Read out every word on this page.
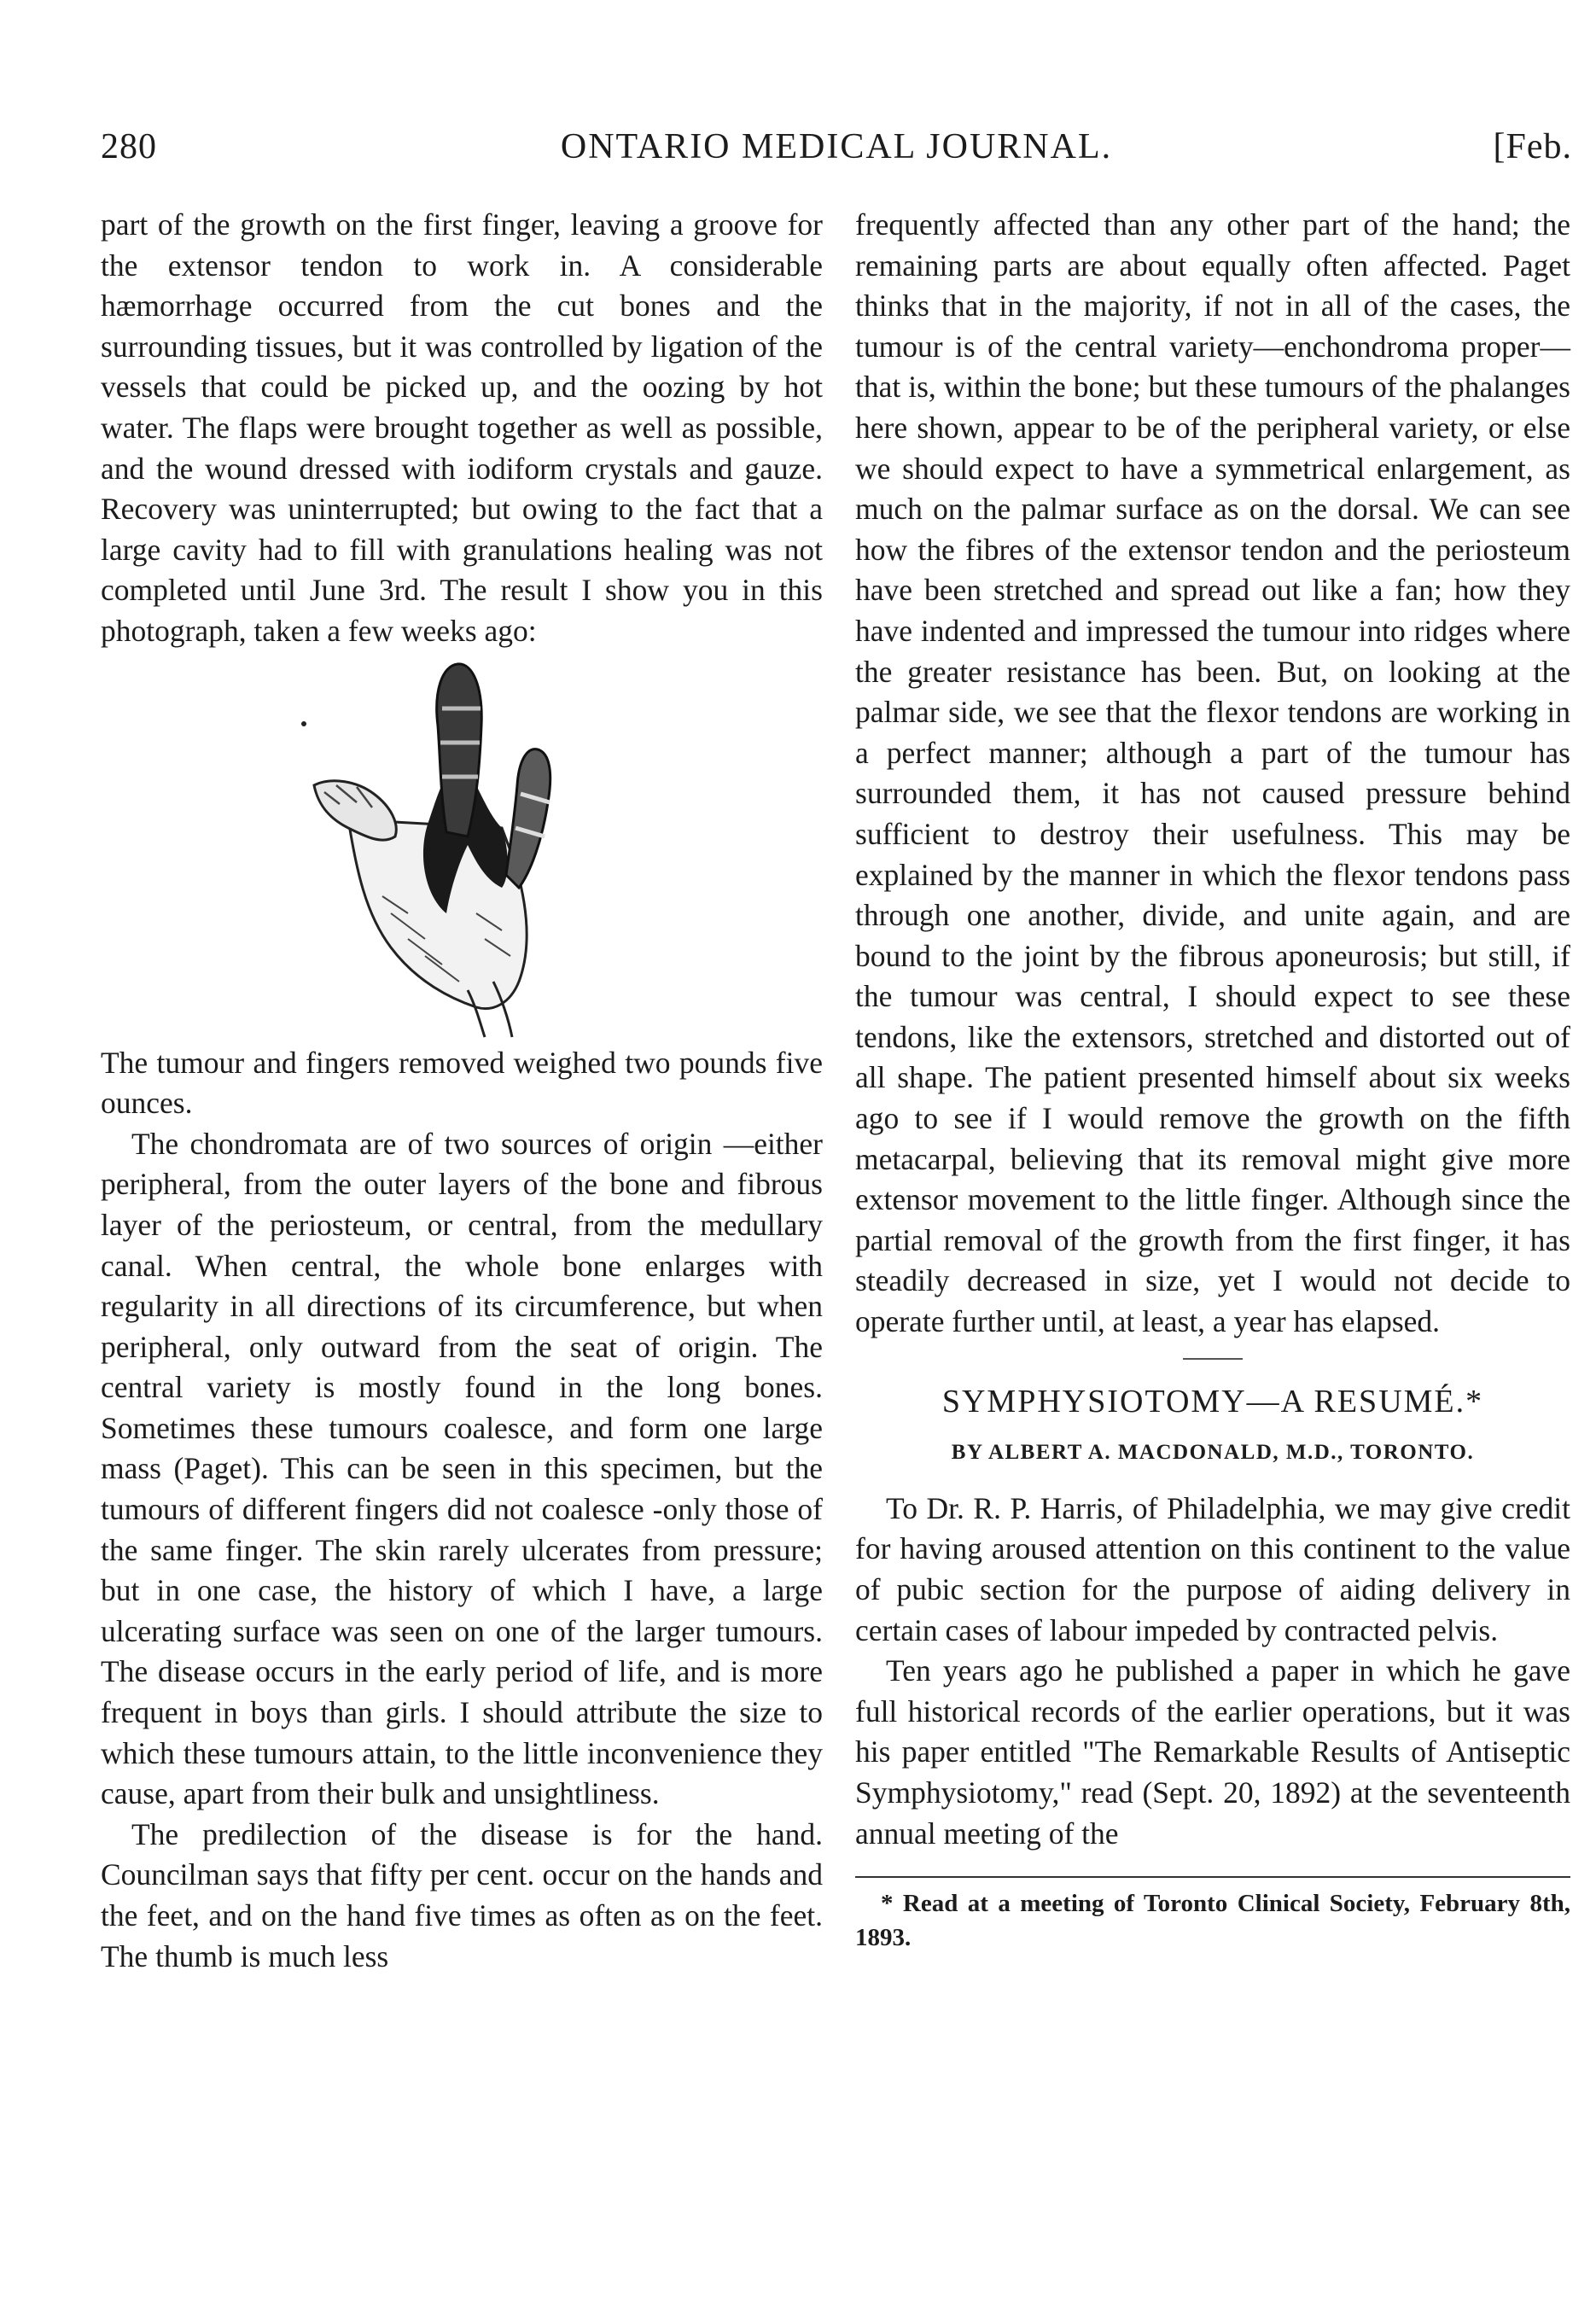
280	ONTARIO MEDICAL JOURNAL.	[Feb.

part of the growth on the first finger, leaving a groove for the extensor tendon to work in. A considerable hæmorrhage occurred from the cut bones and the surrounding tissues, but it was controlled by ligation of the vessels that could be picked up, and the oozing by hot water. The flaps were brought together as well as possible, and the wound dressed with iodiform crystals and gauze. Recovery was uninterrupted; but owing to the fact that a large cavity had to fill with granulations healing was not completed until June 3rd. The result I show you in this photograph, taken a few weeks ago:

The tumour and fingers removed weighed two pounds five ounces.

The chondromata are of two sources of origin —either peripheral, from the outer layers of the bone and fibrous layer of the periosteum, or central, from the medullary canal. When central, the whole bone enlarges with regularity in all directions of its circumference, but when peripheral, only outward from the seat of origin. The central variety is mostly found in the long bones. Sometimes these tumours coalesce, and form one large mass (Paget). This can be seen in this specimen, but the tumours of different fingers did not coalesce -only those of the same finger. The skin rarely ulcerates from pressure; but in one case, the history of which I have, a large ulcerating surface was seen on one of the larger tumours. The disease occurs in the early period of life, and is more frequent in boys than girls. I should attribute the size to which these tumours attain, to the little inconvenience they cause, apart from their bulk and unsightliness.

The predilection of the disease is for the hand. Councilman says that fifty per cent. occur on the hands and the feet, and on the hand five times as often as on the feet. The thumb is much less

frequently affected than any other part of the hand; the remaining parts are about equally often affected. Paget thinks that in the majority, if not in all of the cases, the tumour is of the central variety—enchondroma proper—that is, within the bone; but these tumours of the phalanges here shown, appear to be of the peripheral variety, or else we should expect to have a symmetrical enlargement, as much on the palmar surface as on the dorsal. We can see how the fibres of the extensor tendon and the periosteum have been stretched and spread out like a fan; how they have indented and impressed the tumour into ridges where the greater resistance has been. But, on looking at the palmar side, we see that the flexor tendons are working in a perfect manner; although a part of the tumour has surrounded them, it has not caused pressure behind sufficient to destroy their usefulness. This may be explained by the manner in which the flexor tendons pass through one another, divide, and unite again, and are bound to the joint by the fibrous aponeurosis; but still, if the tumour was central, I should expect to see these tendons, like the extensors, stretched and distorted out of all shape. The patient presented himself about six weeks ago to see if I would remove the growth on the fifth metacarpal, believing that its removal might give more extensor movement to the little finger. Although since the partial removal of the growth from the first finger, it has steadily decreased in size, yet I would not decide to operate further until, at least, a year has elapsed.

SYMPHYSIOTOMY—A RESUMÉ.*

BY ALBERT A. MACDONALD, M.D., TORONTO.

To Dr. R. P. Harris, of Philadelphia, we may give credit for having aroused attention on this continent to the value of pubic section for the purpose of aiding delivery in certain cases of labour impeded by contracted pelvis.

Ten years ago he published a paper in which he gave full historical records of the earlier operations, but it was his paper entitled "The Remarkable Results of Antiseptic Symphysiotomy," read (Sept. 20, 1892) at the seventeenth annual meeting of the

* Read at a meeting of Toronto Clinical Society, February 8th, 1893.
